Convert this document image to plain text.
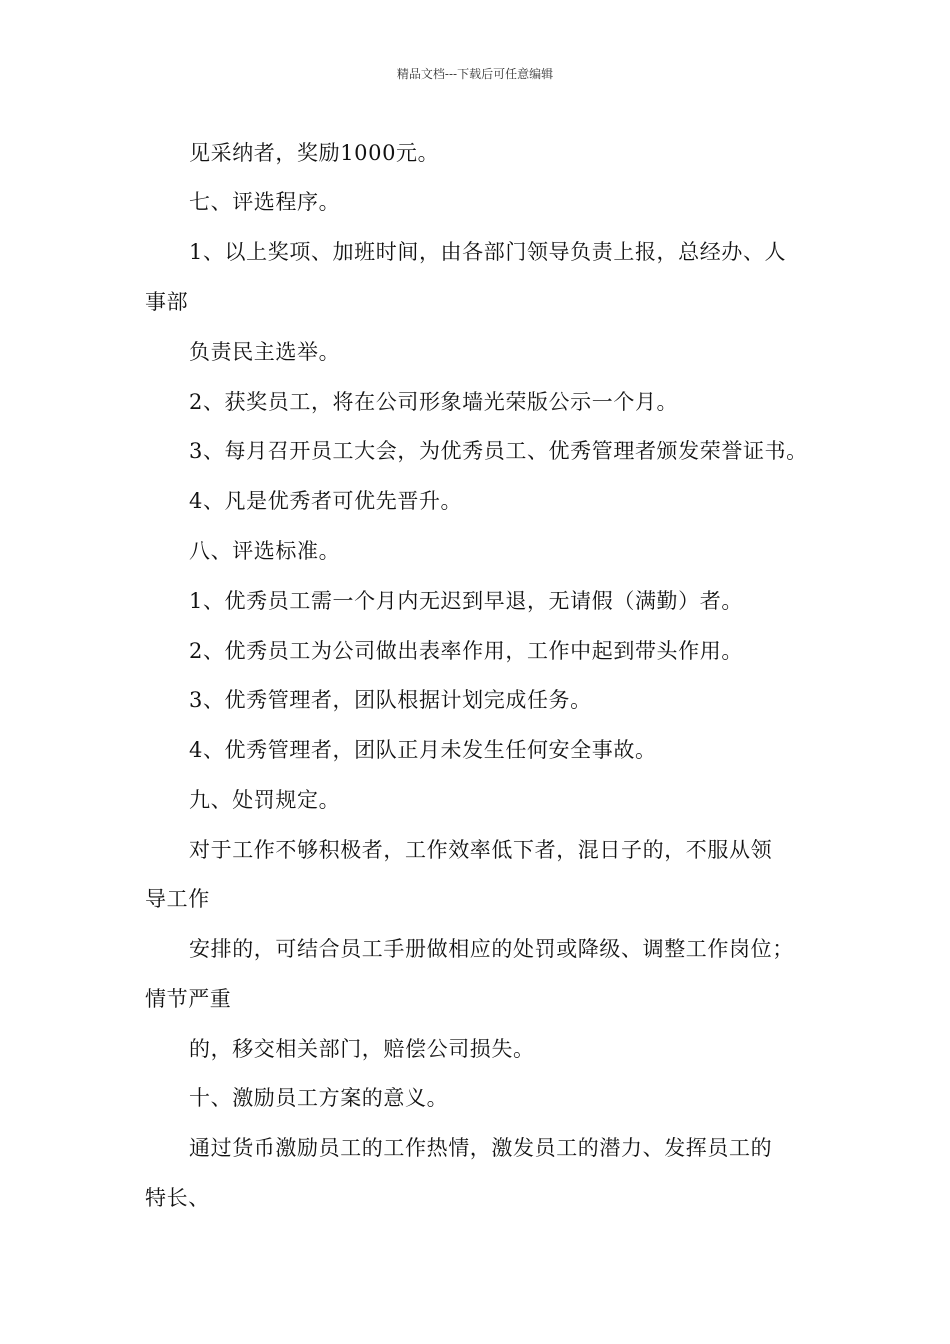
精品文档---下载后可任意编辑
见采纳者，奖励1000元。
七、评选程序。
1、以上奖项、加班时间，由各部门领导负责上报，总经办、人
事部
负责民主选举。
2、获奖员工，将在公司形象墙光荣版公示一个月。
3、每月召开员工大会，为优秀员工、优秀管理者颁发荣誉证书。
4、凡是优秀者可优先晋升。
八、评选标准。
1、优秀员工需一个月内无迟到早退，无请假（满勤）者。
2、优秀员工为公司做出表率作用，工作中起到带头作用。
3、优秀管理者，团队根据计划完成任务。
4、优秀管理者，团队正月未发生任何安全事故。
九、处罚规定。
对于工作不够积极者，工作效率低下者，混日子的，不服从领
导工作
安排的，可结合员工手册做相应的处罚或降级、调整工作岗位；
情节严重
的，移交相关部门，赔偿公司损失。
十、激励员工方案的意义。
通过货币激励员工的工作热情，激发员工的潜力、发挥员工的
特长、
